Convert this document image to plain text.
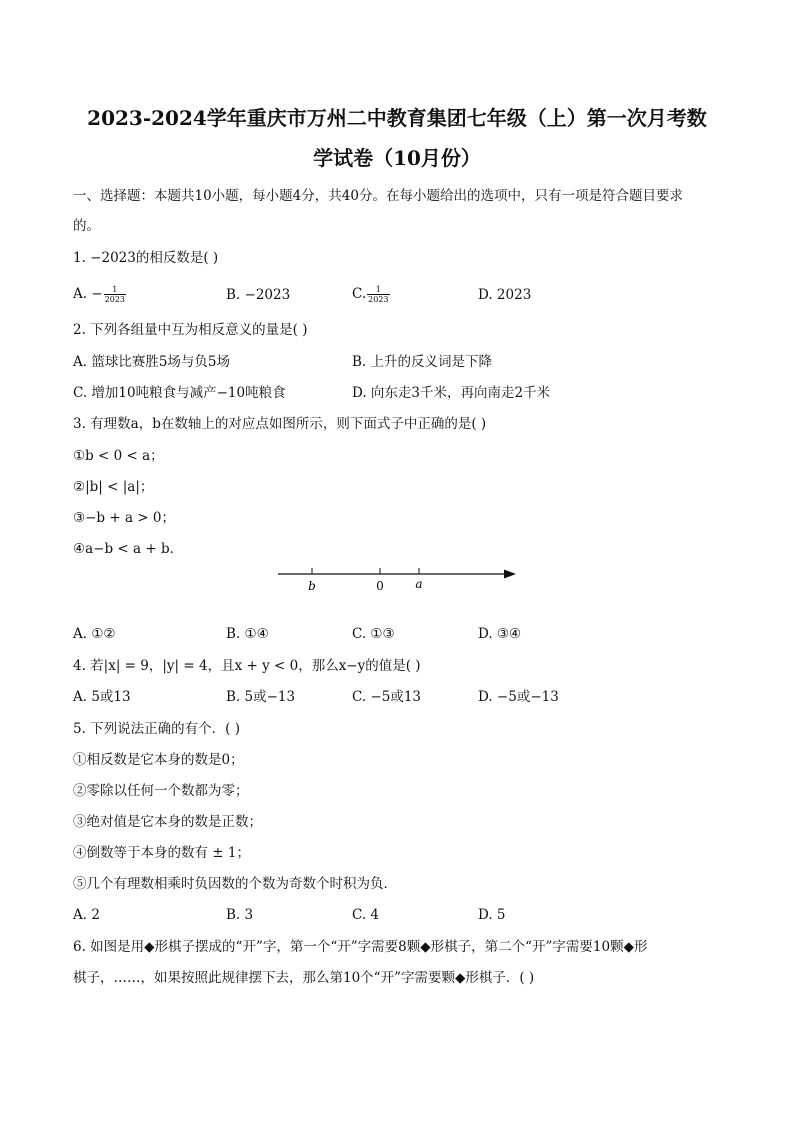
2023-2024学年重庆市万州二中教育集团七年级（上）第一次月考数
学试卷（10月份）
一、选择题：本题共10小题，每小题4分，共40分。在每小题给出的选项中，只有一项是符合题目要求
的。
1. −2023的相反数是( )
A. − $\frac{1}{2023}$	B. −2023	C. $\frac{1}{2023}$	D. 2023
2. 下列各组量中互为相反意义的量是( )
A. 篮球比赛胜5场与负5场	B. 上升的反义词是下降
C. 增加10吨粮食与减产−10吨粮食	D. 向东走3千米，再向南走2千米
3. 有理数a，b在数轴上的对应点如图所示，则下面式子中正确的是( )
①b < 0 < a；
②|b| < |a|；
③−b + a > 0；
④a−b < a + b．
b	0	a
A. ①②	B. ①④	C. ①③	D. ③④
4. 若|x| = 9，|y| = 4，且x + y < 0，那么x−y的值是( )
A. 5或13	B. 5或−13	C. −5或13	D. −5或−13
5. 下列说法正确的有个．( )
①相反数是它本身的数是0；
②零除以任何一个数都为零；
③绝对值是它本身的数是正数；
④倒数等于本身的数有 ± 1；
⑤几个有理数相乘时负因数的个数为奇数个时积为负．
A. 2	B. 3	C. 4	D. 5
6. 如图是用◆形棋子摆成的“开”字，第一个“开”字需要8颗◆形棋子，第二个“开”字需要10颗◆形
棋子，……，如果按照此规律摆下去，那么第10个“开”字需要颗◆形棋子．( )
